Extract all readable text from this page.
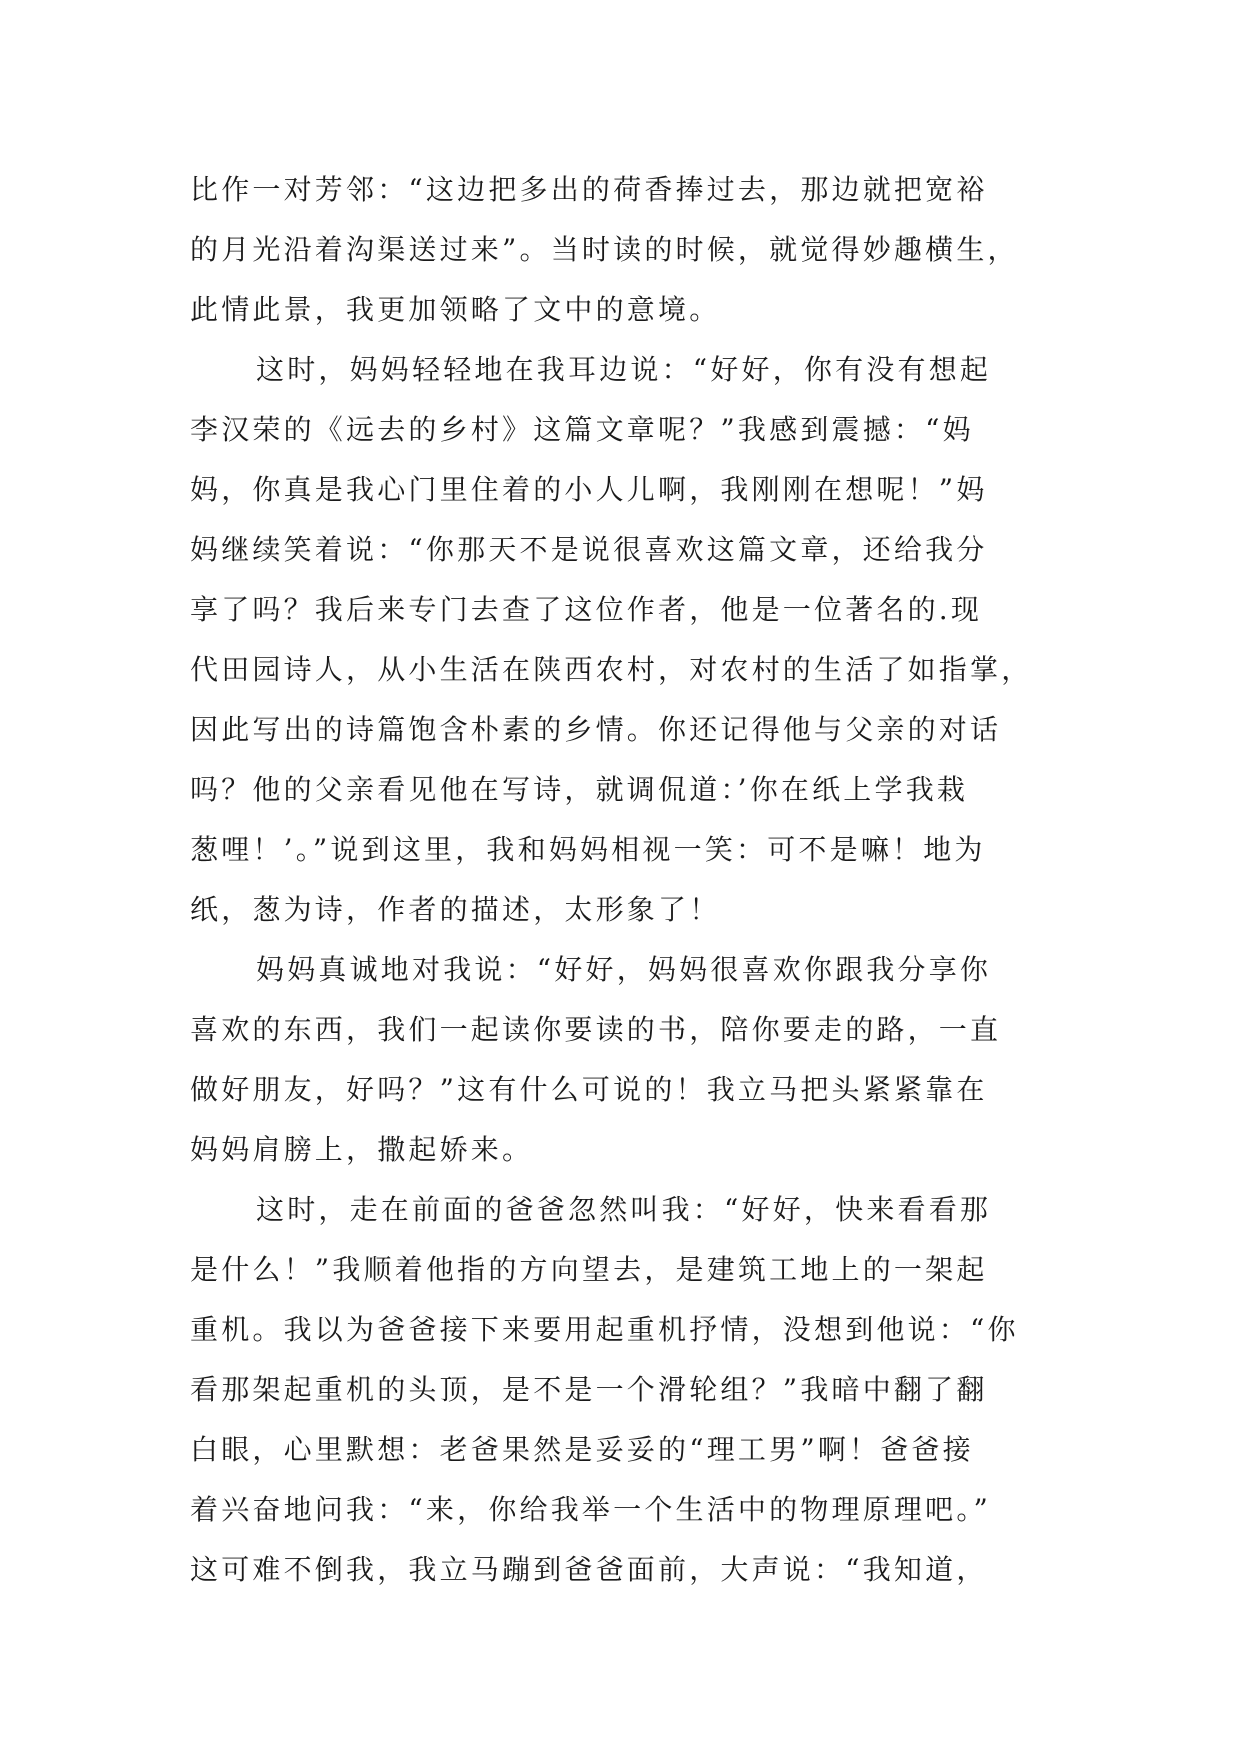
比作一对芳邻：“这边把多出的荷香捧过去，那边就把宽裕
的月光沿着沟渠送过来”。当时读的时候，就觉得妙趣横生，
此情此景，我更加领略了文中的意境。
这时，妈妈轻轻地在我耳边说：“好好，你有没有想起
李汉荣的《远去的乡村》这篇文章呢？”我感到震撼：“妈
妈，你真是我心门里住着的小人儿啊，我刚刚在想呢！”妈
妈继续笑着说：“你那天不是说很喜欢这篇文章，还给我分
享了吗？我后来专门去查了这位作者，他是一位著名的.现
代田园诗人，从小生活在陕西农村，对农村的生活了如指掌，
因此写出的诗篇饱含朴素的乡情。你还记得他与父亲的对话
吗？他的父亲看见他在写诗，就调侃道：’你在纸上学我栽
葱哩！’。”说到这里，我和妈妈相视一笑：可不是嘛！地为
纸，葱为诗，作者的描述，太形象了！
妈妈真诚地对我说：“好好，妈妈很喜欢你跟我分享你
喜欢的东西，我们一起读你要读的书，陪你要走的路，一直
做好朋友，好吗？”这有什么可说的！我立马把头紧紧靠在
妈妈肩膀上，撒起娇来。
这时，走在前面的爸爸忽然叫我：“好好，快来看看那
是什么！”我顺着他指的方向望去，是建筑工地上的一架起
重机。我以为爸爸接下来要用起重机抒情，没想到他说：“你
看那架起重机的头顶，是不是一个滑轮组？”我暗中翻了翻
白眼，心里默想：老爸果然是妥妥的“理工男”啊！爸爸接
着兴奋地问我：“来，你给我举一个生活中的物理原理吧。”
这可难不倒我，我立马蹦到爸爸面前，大声说：“我知道，
